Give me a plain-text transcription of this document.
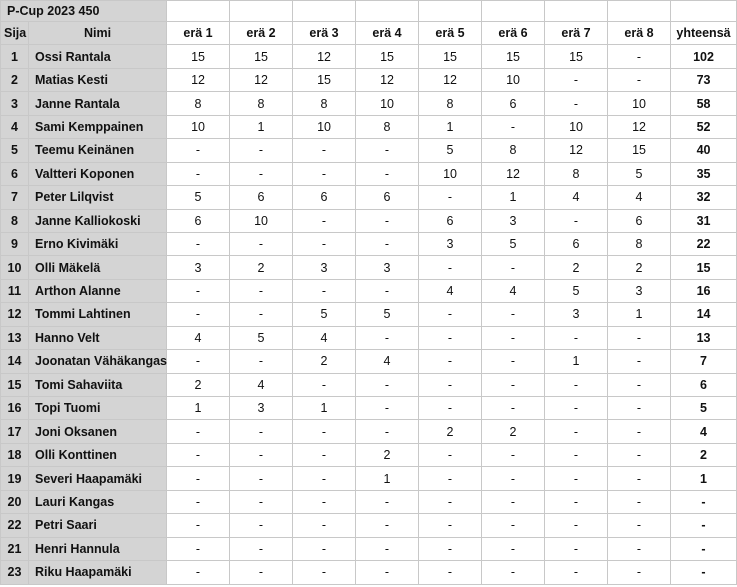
P-Cup 2023 450										
Sija	Nimi	erä 1	erä 2	erä 3	erä 4	erä 5	erä 6	erä 7	erä 8	yhteensä
1	Ossi Rantala	15	15	12	15	15	15	15	-	102
2	Matias Kesti	12	12	15	12	12	10	-	-	73
3	Janne Rantala	8	8	8	10	8	6	-	10	58
4	Sami Kemppainen	10	1	10	8	1	-	10	12	52
5	Teemu Keinänen	-	-	-	-	5	8	12	15	40
6	Valtteri Koponen	-	-	-	-	10	12	8	5	35
7	Peter Lilqvist	5	6	6	6	-	1	4	4	32
8	Janne Kalliokoski	6	10	-	-	6	3	-	6	31
9	Erno Kivimäki	-	-	-	-	3	5	6	8	22
10	Olli Mäkelä	3	2	3	3	-	-	2	2	15
11	Arthon Alanne	-	-	-	-	4	4	5	3	16
12	Tommi Lahtinen	-	-	5	5	-	-	3	1	14
13	Hanno Velt	4	5	4	-	-	-	-	-	13
14	Joonatan Vähäkangas	-	-	2	4	-	-	1	-	7
15	Tomi Sahaviita	2	4	-	-	-	-	-	-	6
16	Topi Tuomi	1	3	1	-	-	-	-	-	5
17	Joni Oksanen	-	-	-	-	2	2	-	-	4
18	Olli Konttinen	-	-	-	2	-	-	-	-	2
19	Severi Haapamäki	-	-	-	1	-	-	-	-	1
20	Lauri Kangas	-	-	-	-	-	-	-	-	-
22	Petri Saari	-	-	-	-	-	-	-	-	-
21	Henri Hannula	-	-	-	-	-	-	-	-	-
23	Riku Haapamäki	-	-	-	-	-	-	-	-	-
